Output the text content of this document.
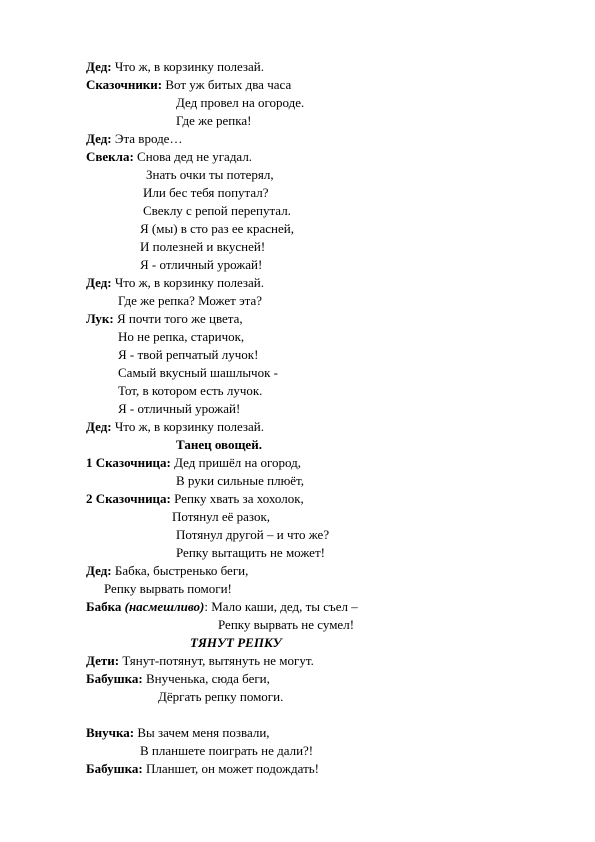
Дед: Что ж, в корзинку полезай.
Сказочники: Вот уж битых два часа
Дед провел на огороде.
Где же репка!
Дед: Эта вроде…
Свекла: Снова дед не угадал.
Знать очки ты потерял,
Или бес тебя попутал?
Свеклу с репой перепутал.
Я (мы) в сто раз ее красней,
И полезней и вкусней!
Я - отличный урожай!
Дед: Что ж, в корзинку полезай.
Где же репка? Может эта?
Лук: Я почти того же цвета,
Но не репка, старичок,
Я - твой репчатый лучок!
Самый вкусный шашлычок -
Тот, в котором есть лучок.
Я - отличный урожай!
Дед: Что ж, в корзинку полезай.
Танец овощей.
1 Сказочница: Дед пришёл на огород,
В руки сильные плюёт,
2 Сказочница: Репку хвать за хохолок,
Потянул её разок,
Потянул другой – и что же?
Репку вытащить не может!
Дед: Бабка, быстренько беги,
Репку вырвать помоги!
Бабка (насмешливо): Мало каши, дед, ты съел –
Репку вырвать не сумел!
ТЯНУТ РЕПКУ
Дети: Тянут-потянут, вытянуть не могут.
Бабушка: Внученька, сюда беги,
Дёргать репку помоги.
Внучка: Вы зачем меня позвали,
В планшете поиграть не дали?!
Бабушка: Планшет, он может подождать!
